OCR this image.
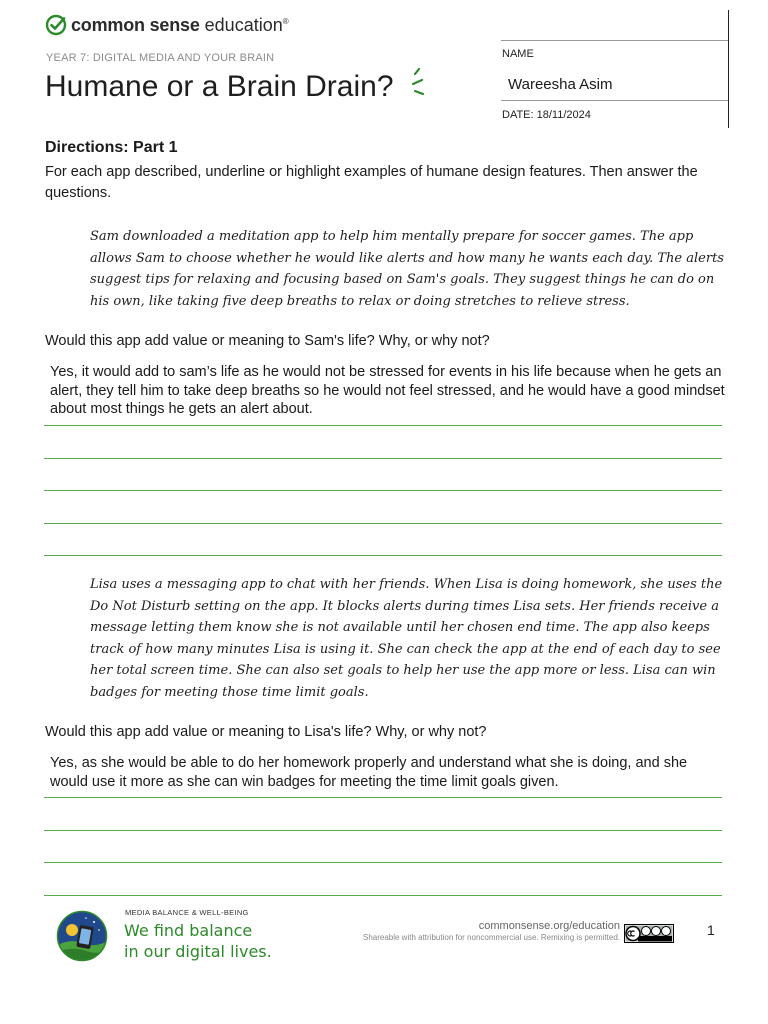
common sense education®
YEAR 7: DIGITAL MEDIA AND YOUR BRAIN
Humane or a Brain Drain?
NAME
Wareesha Asim
DATE: 18/11/2024
Directions: Part 1
For each app described, underline or highlight examples of humane design features. Then answer the questions.
Sam downloaded a meditation app to help him mentally prepare for soccer games. The app allows Sam to choose whether he would like alerts and how many he wants each day. The alerts suggest tips for relaxing and focusing based on Sam's goals. They suggest things he can do on his own, like taking five deep breaths to relax or doing stretches to relieve stress.
Would this app add value or meaning to Sam's life? Why, or why not?
Yes, it would add to sam’s life as he would not be stressed for events in his life because when he gets an alert, they tell him to take deep breaths so he would not feel stressed, and he would have a good mindset about most things he gets an alert about.
Lisa uses a messaging app to chat with her friends. When Lisa is doing homework, she uses the Do Not Disturb setting on the app. It blocks alerts during times Lisa sets. Her friends receive a message letting them know she is not available until her chosen end time. The app also keeps track of how many minutes Lisa is using it. She can check the app at the end of each day to see her total screen time. She can also set goals to help her use the app more or less. Lisa can win badges for meeting those time limit goals.
Would this app add value or meaning to Lisa's life? Why, or why not?
Yes, as she would be able to do her homework properly and understand what she is doing, and she would use it more as she can win badges for meeting the time limit goals given.
MEDIA BALANCE & WELL-BEING
We find balance
in our digital lives.
commonsense.org/education
Shareable with attribution for noncommercial use. Remixing is permitted.	1
